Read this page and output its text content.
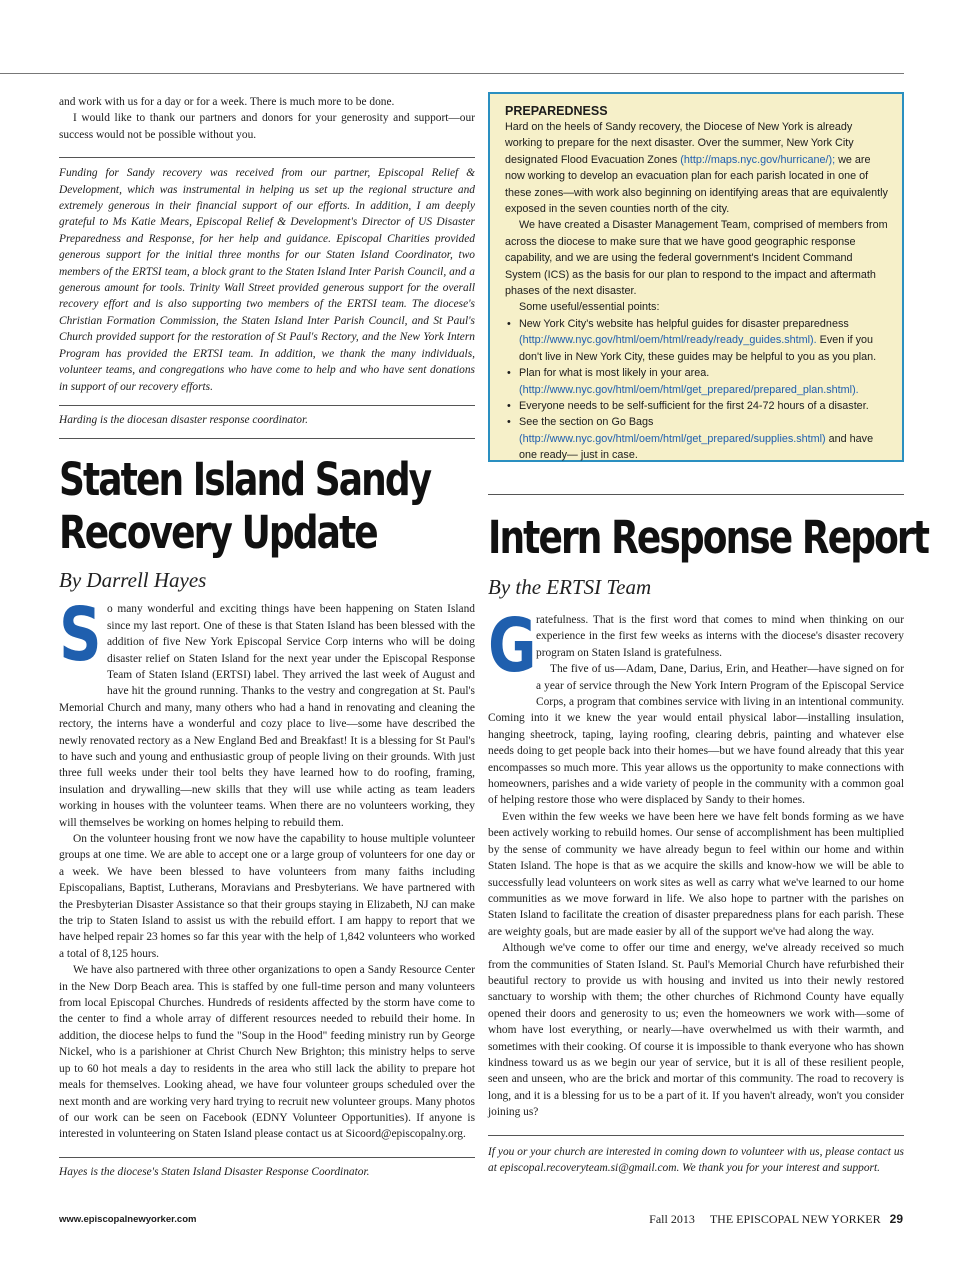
and work with us for a day or for a week. There is much more to be done.

I would like to thank our partners and donors for your generosity and support—our success would not be possible without you.

Funding for Sandy recovery was received from our partner, Episcopal Relief & Development, which was instrumental in helping us set up the regional structure and extremely generous in their financial support of our efforts. In addition, I am deeply grateful to Ms Katie Mears, Episcopal Relief & Development's Director of US Disaster Preparedness and Response, for her help and guidance. Episcopal Charities provided generous support for the initial three months for our Staten Island Coordinator, two members of the ERTSI team, a block grant to the Staten Island Inter Parish Council, and a generous amount for tools. Trinity Wall Street provided generous support for the overall recovery effort and is also supporting two members of the ERTSI team. The diocese's Christian Formation Commission, the Staten Island Inter Parish Council, and St Paul's Church provided support for the restoration of St Paul's Rectory, and the New York Intern Program has provided the ERTSI team. In addition, we thank the many individuals, volunteer teams, and congregations who have come to help and who have sent donations in support of our recovery efforts.

Harding is the diocesan disaster response coordinator.

Staten Island Sandy
Recovery Update
By Darrell Hayes

So many wonderful and exciting things have been happening on Staten Island since my last report. One of these is that Staten Island has been blessed with the addition of five New York Episcopal Service Corp interns who will be doing disaster relief on Staten Island for the next year under the Episcopal Response Team of Staten Island (ERTSI) label. They arrived the last week of August and have hit the ground running. Thanks to the vestry and congregation at St. Paul's Memorial Church and many, many others who had a hand in renovating and cleaning the rectory, the interns have a wonderful and cozy place to live—some have described the newly renovated rectory as a New England Bed and Breakfast! It is a blessing for St Paul's to have such and young and enthusiastic group of people living on their grounds. With just three full weeks under their tool belts they have learned how to do roofing, framing, insulation and drywalling—new skills that they will use while acting as team leaders working in houses with the volunteer teams. When there are no volunteers working, they will themselves be working on homes helping to rebuild them.

On the volunteer housing front we now have the capability to house multiple volunteer groups at one time. We are able to accept one or a large group of volunteers for one day or a week. We have been blessed to have volunteers from many faiths including Episcopalians, Baptist, Lutherans, Moravians and Presbyterians. We have partnered with the Presbyterian Disaster Assistance so that their groups staying in Elizabeth, NJ can make the trip to Staten Island to assist us with the rebuild effort. I am happy to report that we have helped repair 23 homes so far this year with the help of 1,842 volunteers who worked a total of 8,125 hours.

We have also partnered with three other organizations to open a Sandy Resource Center in the New Dorp Beach area. This is staffed by one full-time person and many volunteers from local Episcopal Churches. Hundreds of residents affected by the storm have come to the center to find a whole array of different resources needed to rebuild their home. In addition, the diocese helps to fund the "Soup in the Hood" feeding ministry run by George Nickel, who is a parishioner at Christ Church New Brighton; this ministry helps to serve up to 60 hot meals a day to residents in the area who still lack the ability to prepare hot meals for themselves. Looking ahead, we have four volunteer groups scheduled over the next month and are working very hard trying to recruit new volunteer groups. Many photos of our work can be seen on Facebook (EDNY Volunteer Opportunities). If anyone is interested in volunteering on Staten Island please contact us at Sicoord@episcopalny.org.

Hayes is the diocese's Staten Island Disaster Response Coordinator.

PREPAREDNESS

Hard on the heels of Sandy recovery, the Diocese of New York is already working to prepare for the next disaster. Over the summer, New York City designated Flood Evacuation Zones (http://maps.nyc.gov/hurricane/); we are now working to develop an evacuation plan for each parish located in one of these zones—with work also beginning on identifying areas that are equivalently exposed in the seven counties north of the city.

We have created a Disaster Management Team, comprised of members from across the diocese to make sure that we have good geographic response capability, and we are using the federal government's Incident Command System (ICS) as the basis for our plan to respond to the impact and aftermath phases of the next disaster.

Some useful/essential points:

• New York City's website has helpful guides for disaster preparedness (http://www.nyc.gov/html/oem/html/ready/ready_guides.shtml). Even if you don't live in New York City, these guides may be helpful to you as you plan.
• Plan for what is most likely in your area. (http://www.nyc.gov/html/oem/html/get_prepared/prepared_plan.shtml).
• Everyone needs to be self-sufficient for the first 24-72 hours of a disaster.
• See the section on Go Bags (http://www.nyc.gov/html/oem/html/get_prepared/supplies.shtml) and have one ready— just in case.
Intern Response Report
By the ERTSI Team

Gratefulness. That is the first word that comes to mind when thinking on our experience in the first few weeks as interns with the diocese's disaster recovery program on Staten Island is gratefulness.

The five of us—Adam, Dane, Darius, Erin, and Heather—have signed on for a year of service through the New York Intern Program of the Episcopal Service Corps, a program that combines service with living in an intentional community. Coming into it we knew the year would entail physical labor—installing insulation, hanging sheetrock, taping, laying roofing, clearing debris, painting and whatever else needs doing to get people back into their homes—but we have found already that this year encompasses so much more. This year allows us the opportunity to make connections with homeowners, parishes and a wide variety of people in the community with a common goal of helping restore those who were displaced by Sandy to their homes.

Even within the few weeks we have been here we have felt bonds forming as we have been actively working to rebuild homes. Our sense of accomplishment has been multiplied by the sense of community we have already begun to feel within our home and within Staten Island. The hope is that as we acquire the skills and know-how we will be able to successfully lead volunteers on work sites as well as carry what we've learned to our home communities as we move forward in life. We also hope to partner with the parishes on Staten Island to facilitate the creation of disaster preparedness plans for each parish. These are weighty goals, but are made easier by all of the support we've had along the way.

Although we've come to offer our time and energy, we've already received so much from the communities of Staten Island. St. Paul's Memorial Church have refurbished their beautiful rectory to provide us with housing and invited us into their newly restored sanctuary to worship with them; the other churches of Richmond County have equally opened their doors and generosity to us; even the homeowners we work with—some of whom have lost everything, or nearly—have overwhelmed us with their warmth, and sometimes with their cooking. Of course it is impossible to thank everyone who has shown kindness toward us as we begin our year of service, but it is all of these resilient people, seen and unseen, who are the brick and mortar of this community. The road to recovery is long, and it is a blessing for us to be a part of it. If you haven't already, won't you consider joining us?

If you or your church are interested in coming down to volunteer with us, please contact us at episcopal.recoveryteam.si@gmail.com. We thank you for your interest and support.

www.episcopalnewyorker.com	Fall 2013 THE EPISCOPAL NEW YORKER 29
